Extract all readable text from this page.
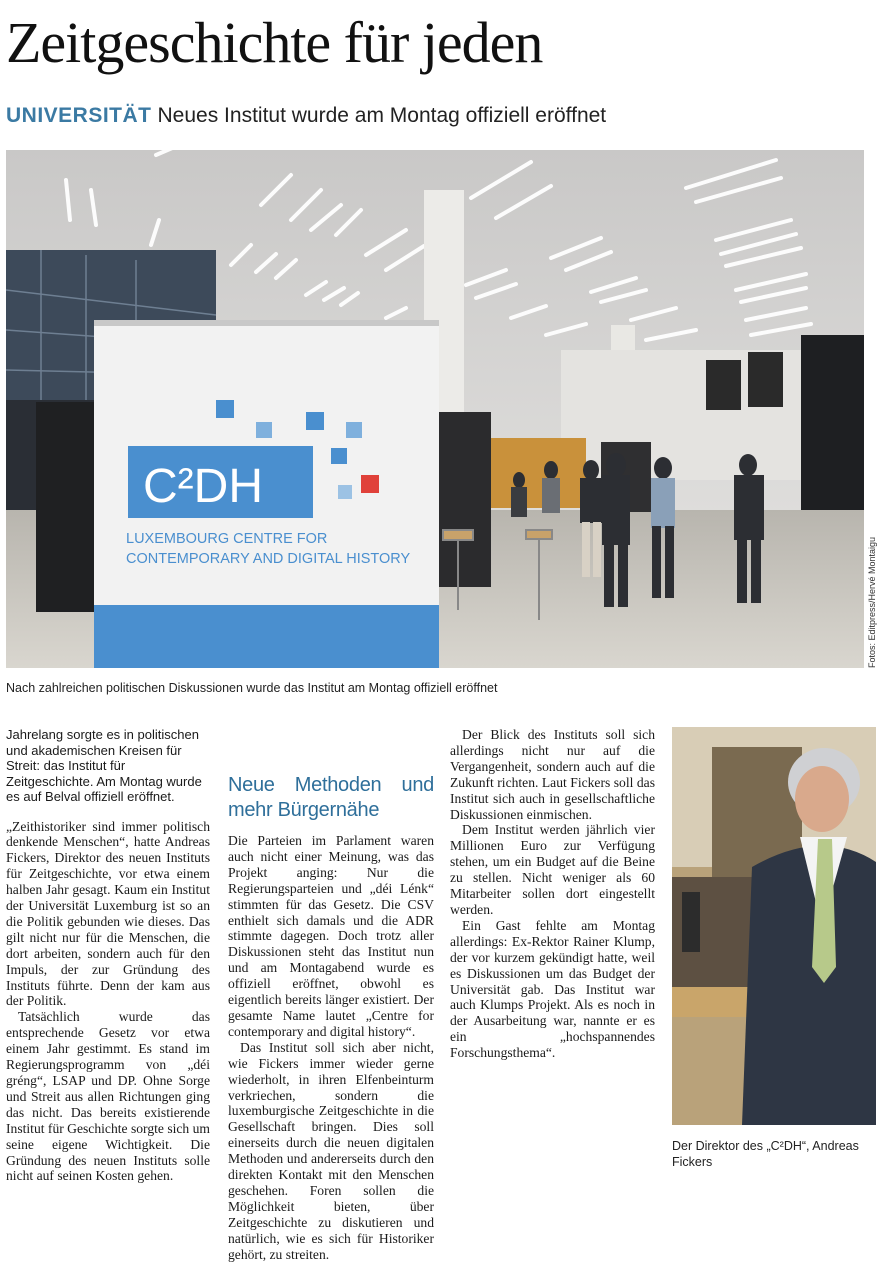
Zeitgeschichte für jeden
UNIVERSITÄT Neues Institut wurde am Montag offiziell eröffnet
C²DH
LUXEMBOURG CENTRE FOR
CONTEMPORARY AND DIGITAL HISTORY	Fotos: Editpress/Hervé Montaigu
Nach zahlreichen politischen Diskussionen wurde das Institut am Montag offiziell eröffnet

Jahrelang sorgte es in politischen und akademischen Kreisen für Streit: das Institut für Zeitgeschichte. Am Montag wurde es auf Belval offiziell eröffnet.

„Zeithistoriker sind immer politisch denkende Menschen“, hatte Andreas Fickers, Direktor des neuen Instituts für Zeitgeschichte, vor etwa einem halben Jahr gesagt. Kaum ein Institut der Universität Luxemburg ist so an die Politik gebunden wie dieses. Das gilt nicht nur für die Menschen, die dort arbeiten, sondern auch für den Impuls, der zur Gründung des Instituts führte. Denn der kam aus der Politik.

Tatsächlich wurde das entsprechende Gesetz vor etwa einem Jahr gestimmt. Es stand im Regierungsprogramm von „déi gréng“, LSAP und DP. Ohne Sorge und Streit aus allen Richtungen ging das nicht. Das bereits existierende Institut für Geschichte sorgte sich um seine eigene Wichtigkeit. Die Gründung des neuen Instituts solle nicht auf seinen Kosten gehen.

Neue Methoden und mehr Bürgernähe

Die Parteien im Parlament waren auch nicht einer Meinung, was das Projekt anging: Nur die Regierungsparteien und „déi Lénk“ stimmten für das Gesetz. Die CSV enthielt sich damals und die ADR stimmte dagegen. Doch trotz aller Diskussionen steht das Institut nun und am Montagabend wurde es offiziell eröffnet, obwohl es eigentlich bereits länger existiert. Der gesamte Name lautet „Centre for contemporary and digital history“.

Das Institut soll sich aber nicht, wie Fickers immer wieder gerne wiederholt, in ihren Elfenbeinturm verkriechen, sondern die luxemburgische Zeitgeschichte in die Gesellschaft bringen. Dies soll einerseits durch die neuen digitalen Methoden und andererseits durch den direkten Kontakt mit den Menschen geschehen. Foren sollen die Möglichkeit bieten, über Zeitgeschichte zu diskutieren und natürlich, wie es sich für Historiker gehört, zu streiten.

Der Blick des Instituts soll sich allerdings nicht nur auf die Vergangenheit, sondern auch auf die Zukunft richten. Laut Fickers soll das Institut sich auch in gesellschaftliche Diskussionen einmischen.

Dem Institut werden jährlich vier Millionen Euro zur Verfügung stehen, um ein Budget auf die Beine zu stellen. Nicht weniger als 60 Mitarbeiter sollen dort eingestellt werden.

Ein Gast fehlte am Montag allerdings: Ex-Rektor Rainer Klump, der vor kurzem gekündigt hatte, weil es Diskussionen um das Budget der Universität gab. Das Institut war auch Klumps Projekt. Als es noch in der Ausarbeitung war, nannte er es ein „hochspannendes Forschungsthema“.

Der Direktor des „C²DH“, Andreas Fickers
